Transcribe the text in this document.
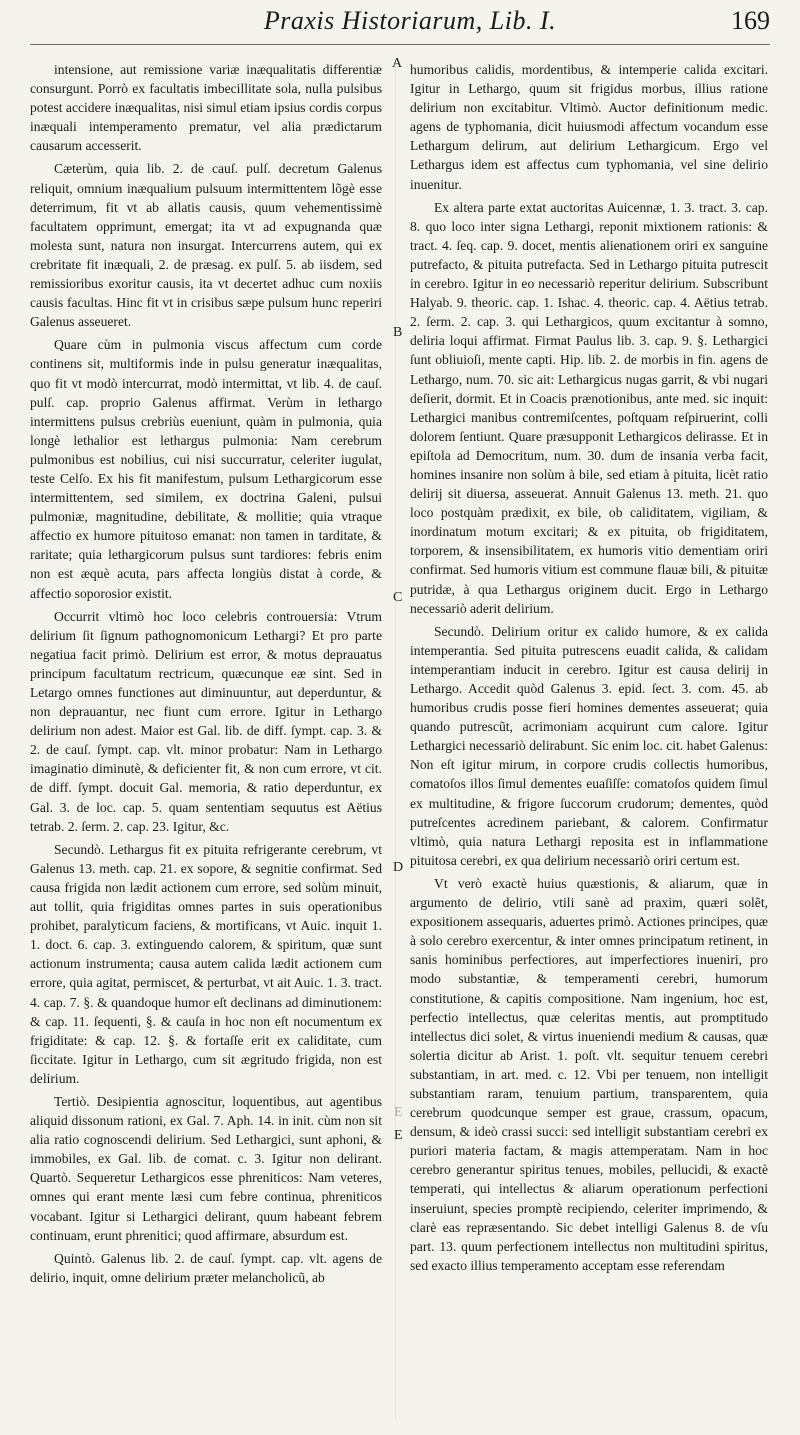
Praxis Historiarum, Lib. I.	169

intensione, aut remissione variæ inæqualitatis differentiæ consurgunt. Porrò ex facultatis imbecillitate sola, nulla pulsibus potest accidere inæqualitas, nisi simul etiam ipsius cordis corpus inæquali intemperamento prematur, vel alia prædictarum causarum accesserit.

Cæterùm, quia lib. 2. de cauſ. pulſ. decretum Galenus reliquit, omnium inæqualium pulsuum intermittentem lõgè esse deterrimum, fit vt ab allatis causis, quum vehementissimè facultatem opprimunt, emergat; ita vt ad expugnanda quæ molesta sunt, natura non insurgat. Intercurrens autem, qui ex crebritate fit inæquali, 2. de præsag. ex pulſ. 5. ab iisdem, sed remissioribus exoritur causis, ita vt decertet adhuc cum noxiis causis facultas. Hinc fit vt in crisibus sæpe pulsum hunc reperiri Galenus asseueret.

Quare cùm in pulmonia viscus affectum cum corde continens sit, multiformis inde in pulsu generatur inæqualitas, quo fit vt modò intercurrat, modò intermittat, vt lib. 4. de cauſ. pulſ. cap. proprio Galenus affirmat. Verùm in lethargo intermittens pulsus crebriùs eueniunt, quàm in pulmonia, quia longè lethalior est lethargus pulmonia: Nam cerebrum pulmonibus est nobilius, cui nisi succurratur, celeriter iugulat, teste Celſo. Ex his fit manifestum, pulsum Lethargicorum esse intermittentem, sed similem, ex doctrina Galeni, pulsui pulmoniæ, magnitudine, debilitate, & mollitie; quia vtraque affectio ex humore pituitoso emanat: non tamen in tarditate, & raritate; quia lethargicorum pulsus sunt tardiores: febris enim non est æquè acuta, pars affecta longiùs distat à corde, & affectio soporosior existit.

Occurrit vltimò hoc loco celebris controuersia: Vtrum delirium ſit ſignum pathognomonicum Lethargi? Et pro parte negatiua facit primò. Delirium est error, & motus deprauatus principum facultatum rectricum, quæcunque eæ sint. Sed in Letargo omnes functiones aut diminuuntur, aut deperduntur, & non deprauantur, nec fiunt cum errore. Igitur in Lethargo delirium non adest. Maior est Gal. lib. de diff. ſympt. cap. 3. & 2. de cauſ. ſympt. cap. vlt. minor probatur: Nam in Lethargo imaginatio diminutè, & deficienter fit, & non cum errore, vt cit. de diff. ſympt. docuit Gal. memoria, & ratio deperduntur, ex Gal. 3. de loc. cap. 5. quam sententiam sequutus est Aëtius tetrab. 2. ſerm. 2. cap. 23. Igitur, &c.

Secundò. Lethargus fit ex pituita refrigerante cerebrum, vt Galenus 13. meth. cap. 21. ex sopore, & segnitie confirmat. Sed causa frigida non lædit actionem cum errore, sed solùm minuit, aut tollit, quia frigiditas omnes partes in suis operationibus prohibet, paralyticum faciens, & mortificans, vt Auic. inquit 1. 1. doct. 6. cap. 3. extinguendo calorem, & spiritum, quæ sunt actionum instrumenta; causa autem calida lædit actionem cum errore, quia agitat, permiscet, & perturbat, vt ait Auic. 1. 3. tract. 4. cap. 7. §. & quandoque humor eſt declinans ad diminutionem: & cap. 11. ſequenti, §. & cauſa in hoc non eſt nocumentum ex frigiditate: & cap. 12. §. & fortaſſe erit ex caliditate, cum ſiccitate. Igitur in Lethargo, cum sit ægritudo frigida, non est delirium.

Tertiò. Desipientia agnoscitur, loquentibus, aut agentibus aliquid dissonum rationi, ex Gal. 7. Aph. 14. in init. cùm non sit alia ratio cognoscendi delirium. Sed Lethargici, sunt aphoni, & immobiles, ex Gal. lib. de comat. c. 3. Igitur non delirant. Quartò. Sequeretur Lethargicos esse phreniticos: Nam veteres, omnes qui erant mente læsi cum febre continua, phreniticos vocabant. Igitur si Lethargici delirant, quum habeant febrem continuam, erunt phrenitici; quod affirmare, absurdum est.

Quintò. Galenus lib. 2. de cauſ. ſympt. cap. vlt. agens de delirio, inquit, omne delirium præter melancholicũ, ab

A
B
C
D
E
E

humoribus calidis, mordentibus, & intemperie calida excitari. Igitur in Lethargo, quum sit frigidus morbus, illius ratione delirium non excitabitur. Vltimò. Auctor definitionum medic. agens de typhomania, dicit huiusmodi affectum vocandum esse Lethargum delirum, aut delirium Lethargicum. Ergo vel Lethargus idem est affectus cum typhomania, vel sine delirio inuenitur.

Ex altera parte extat auctoritas Auicennæ, 1. 3. tract. 3. cap. 8. quo loco inter signa Lethargi, reponit mixtionem rationis: & tract. 4. ſeq. cap. 9. docet, mentis alienationem oriri ex sanguine putrefacto, & pituita putrefacta. Sed in Lethargo pituita putrescit in cerebro. Igitur in eo necessariò reperitur delirium. Subscribunt Halyab. 9. theoric. cap. 1. Ishac. 4. theoric. cap. 4. Aëtius tetrab. 2. ſerm. 2. cap. 3. qui Lethargicos, quum excitantur à somno, deliria loqui affirmat. Firmat Paulus lib. 3. cap. 9. §. Lethargici ſunt obliuioſi, mente capti. Hip. lib. 2. de morbis in fin. agens de Lethargo, num. 70. sic ait: Lethargicus nugas garrit, & vbi nugari deſierit, dormit. Et in Coacis prænotionibus, ante med. sic inquit: Lethargici manibus contremiſcentes, poſtquam reſpiruerint, colli dolorem ſentiunt. Quare præsupponit Lethargicos delirasse. Et in epiſtola ad Democritum, num. 30. dum de insania verba facit, homines insanire non solùm à bile, sed etiam à pituita, licèt ratio delirij sit diuersa, asseuerat. Annuit Galenus 13. meth. 21. quo loco postquàm prædixit, ex bile, ob caliditatem, vigiliam, & inordinatum motum excitari; & ex pituita, ob frigiditatem, torporem, & insensibilitatem, ex humoris vitio dementiam oriri confirmat. Sed humoris vitium est commune flauæ bili, & pituitæ putridæ, à qua Lethargus originem ducit. Ergo in Lethargo necessariò aderit delirium.

Secundò. Delirium oritur ex calido humore, & ex calida intemperantia. Sed pituita putrescens euadit calida, & calidam intemperantiam inducit in cerebro. Igitur est causa delirij in Lethargo. Accedit quòd Galenus 3. epid. ſect. 3. com. 45. ab humoribus crudis posse fieri homines dementes asseuerat; quia quando putrescũt, acrimoniam acquirunt cum calore. Igitur Lethargici necessariò delirabunt. Sic enim loc. cit. habet Galenus: Non eſt igitur mirum, in corpore crudis collectis humoribus, comatoſos illos ſimul dementes euaſiſſe: comatoſos quidem ſimul ex multitudine, & frigore ſuccorum crudorum; dementes, quòd putreſcentes acredinem pariebant, & calorem. Confirmatur vltimò, quia natura Lethargi reposita est in inflammatione pituitosa cerebri, ex qua delirium necessariò oriri certum est.

Vt verò exactè huius quæstionis, & aliarum, quæ in argumento de delirio, vtili sanè ad praxim, quæri solẽt, expositionem assequaris, aduertes primò. Actiones principes, quæ à solo cerebro exercentur, & inter omnes principatum retinent, in sanis hominibus perfectiores, aut imperfectiores inueniri, pro modo substantiæ, & temperamenti cerebri, humorum constitutione, & capitis compositione. Nam ingenium, hoc est, perfectio intellectus, quæ celeritas mentis, aut promptitudo intellectus dici solet, & virtus inueniendi medium & causas, quæ solertia dicitur ab Arist. 1. poſt. vlt. sequitur tenuem cerebri substantiam, in art. med. c. 12. Vbi per tenuem, non intelligit substantiam raram, tenuium partium, transparentem, quia cerebrum quodcunque semper est graue, crassum, opacum, densum, & ideò crassi succi: sed intelligit substantiam cerebri ex puriori materia factam, & magis attemperatam. Nam in hoc cerebro generantur spiritus tenues, mobiles, pellucidi, & exactè temperati, qui intellectus & aliarum operationum perfectioni inseruiunt, species promptè recipiendo, celeriter imprimendo, & clarè eas repræsentando. Sic debet intelligi Galenus 8. de vſu part. 13. quum perfectionem intellectus non multitudini spiritus, sed exacto illius temperamento acceptam esse referendam
